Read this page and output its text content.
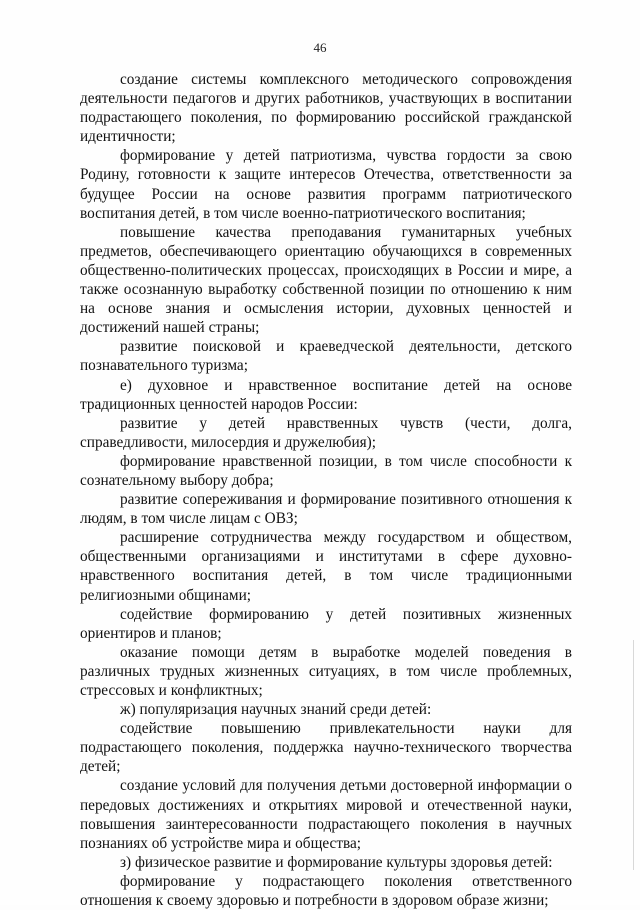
46

создание системы комплексного методического сопровождения деятельности педагогов и других работников, участвующих в воспитании подрастающего поколения, по формированию российской гражданской идентичности;

формирование у детей патриотизма, чувства гордости за свою Родину, готовности к защите интересов Отечества, ответственности за будущее России на основе развития программ патриотического воспитания детей, в том числе военно-патриотического воспитания;

повышение качества преподавания гуманитарных учебных предметов, обеспечивающего ориентацию обучающихся в современных общественно-политических процессах, происходящих в России и мире, а также осознанную выработку собственной позиции по отношению к ним на основе знания и осмысления истории, духовных ценностей и достижений нашей страны;

развитие поисковой и краеведческой деятельности, детского познавательного туризма;

е) духовное и нравственное воспитание детей на основе традиционных ценностей народов России:

развитие у детей нравственных чувств (чести, долга, справедливости, милосердия и дружелюбия);

формирование нравственной позиции, в том числе способности к сознательному выбору добра;

развитие сопереживания и формирование позитивного отношения к людям, в том числе лицам с ОВЗ;

расширение сотрудничества между государством и обществом, общественными организациями и институтами в сфере духовно-нравственного воспитания детей, в том числе традиционными религиозными общинами;

содействие формированию у детей позитивных жизненных ориентиров и планов;

оказание помощи детям в выработке моделей поведения в различных трудных жизненных ситуациях, в том числе проблемных, стрессовых и конфликтных;

ж) популяризация научных знаний среди детей:

содействие повышению привлекательности науки для подрастающего поколения, поддержка научно-технического творчества детей;

создание условий для получения детьми достоверной информации о передовых достижениях и открытиях мировой и отечественной науки, повышения заинтересованности подрастающего поколения в научных познаниях об устройстве мира и общества;

з) физическое развитие и формирование культуры здоровья детей:

формирование у подрастающего поколения ответственного отношения к своему здоровью и потребности в здоровом образе жизни;
